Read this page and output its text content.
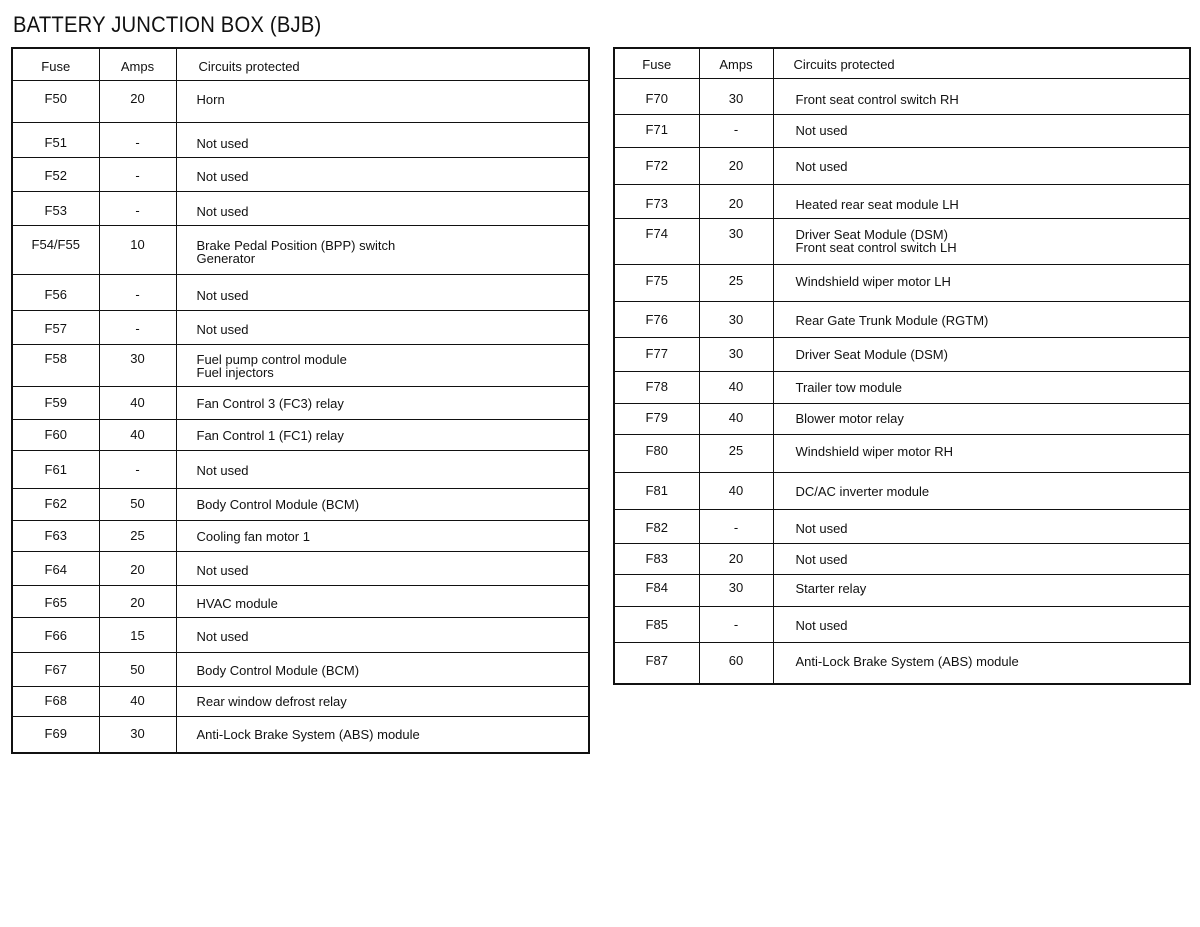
BATTERY JUNCTION BOX (BJB)
Fuse	Amps	Circuits protected

F50	20	Horn

F51	-	Not used

F52	-	Not used

F53	-	Not used

F54/F55	10	Brake Pedal Position (BPP) switch
Generator

F56	-	Not used

F57	-	Not used

F58	30	Fuel pump control module
Fuel injectors

F59	40	Fan Control 3 (FC3) relay

F60	40	Fan Control 1 (FC1) relay

F61	-	Not used

F62	50	Body Control Module (BCM)

F63	25	Cooling fan motor 1

F64	20	Not used

F65	20	HVAC module

F66	15	Not used

F67	50	Body Control Module (BCM)

F68	40	Rear window defrost relay

F69	30	Anti-Lock Brake System (ABS) module
Fuse	Amps	Circuits protected

F70	30	Front seat control switch RH

F71	-	Not used

F72	20	Not used

F73	20	Heated rear seat module LH

F74	30	Driver Seat Module (DSM)
Front seat control switch LH

F75	25	Windshield wiper motor LH

F76	30	Rear Gate Trunk Module (RGTM)

F77	30	Driver Seat Module (DSM)

F78	40	Trailer tow module

F79	40	Blower motor relay

F80	25	Windshield wiper motor RH

F81	40	DC/AC inverter module

F82	-	Not used

F83	20	Not used

F84	30	Starter relay

F85	-	Not used

F87	60	Anti-Lock Brake System (ABS) module
